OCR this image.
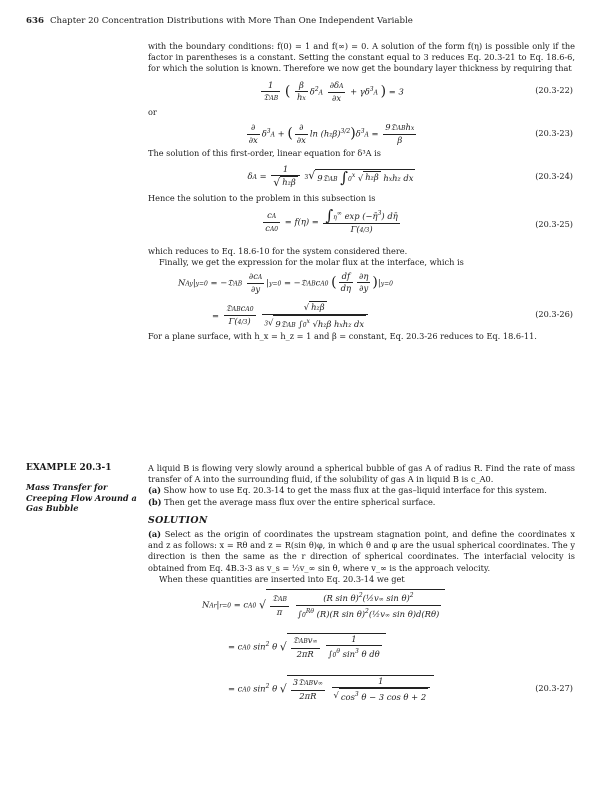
636 Chapter 20 Concentration Distributions with More Than One Independent Variable

with the boundary conditions: f(0) = 1 and f(∞) = 0. A solution of the form f(η) is possible only if the factor in parentheses is a constant. Setting the constant equal to 3 reduces Eq. 20.3-21 to Eq. 18.6-6, for which the solution is known. Therefore we now get the boundary layer thickness by requiring that

$\frac{1}{\text{𝔇AB}}$ ( $\frac{\beta}{hx} \delta^2A \frac{\partial\delta A}{\partial x} + \gamma\delta^3A$ ) = 3	(20.3-22)
or
$\frac{\partial}{\partial x} \delta^3A$ + ( $\frac{\partial}{\partial x}$ $\ln (hz\beta)^{3/2})\delta^3A = \frac{\text{9𝔇ABhx}}{\beta}$	(20.3-23)

The solution of this first-order, linear equation for δ³A is

$\delta A = \frac{1}{\text{√ hzβ}} 3√$ 9𝔇AB ∫0$^x$ √ hzβ hxhz dx	(20.3-24)

Hence the solution to the problem in this subsection is

$\frac{cA}{cA0} = f(\eta) = \frac{\int\eta^\infty \exp (-\etā^3) d\etā}{\Gamma(4/3)}$	(20.3-25)

which reduces to Eq. 18.6-10 for the system considered there.

Finally, we get the expression for the molar flux at the interface, which is

NAy|y=0 = −𝔇AB $\frac{\partial cA}{\partial y} |y=0$ = −𝔇ABcA0 ( $\frac{df}{d\eta} \frac{\partial\eta}{\partial y} )|y=0$
= $\frac{\text{𝔇ABcA0}}{\Gamma(4/3)}$
$\frac{\text{√ hzβ}}{3√ 9𝔇AB \int 0^x √hz\beta hxhz dx}$	(20.3-26)

For a plane surface, with h_x = h_z = 1 and β = constant, Eq. 20.3-26 reduces to Eq. 18.6-11.

EXAMPLE 20.3-1
Mass Transfer for Creeping Flow Around a Gas Bubble

A liquid B is flowing very slowly around a spherical bubble of gas A of radius R. Find the rate of mass transfer of A into the surrounding fluid, if the solubility of gas A in liquid B is c_A0.

(a) Show how to use Eq. 20.3-14 to get the mass flux at the gas–liquid interface for this system.

(b) Then get the average mass flux over the entire spherical surface.

SOLUTION

(a) Select as the origin of coordinates the upstream stagnation point, and define the coordinates x and z as follows: x = Rθ and z = R(sin θ)φ, in which θ and φ are the usual spherical coordinates. The y direction is then the same as the r direction of spherical coordinates. The interfacial velocity is obtained from Eq. 4B.3-3 as v_s = ½v_∞ sin θ, where v_∞ is the approach velocity.

When these quantities are inserted into Eq. 20.3-14 we get

NAr|r=0 = cA0 √ $\frac{\text{𝔇AB}}{\pi}$
$\frac{(R \sin \theta)^2(\frac{1}{2}v\infty \sin \theta)^2}{\int 0^{R\theta} (R)(R \sin \theta)^2(\frac{1}{2}v\infty \sin \theta)d(R\theta)}$
= cA0 $\sin^2 \theta$ √ $\frac{\text{𝔇ABv∞}}{2\pi R}$
$\frac{1}{\int 0^\theta \sin^3 \theta d\theta}$
= cA0 $\sin^2 \theta$ √ $\frac{\text{3𝔇ABv∞}}{2\pi R}$
$\frac{1}{√ \cos^3 \theta - 3 \cos \theta + 2}$	(20.3-27)
